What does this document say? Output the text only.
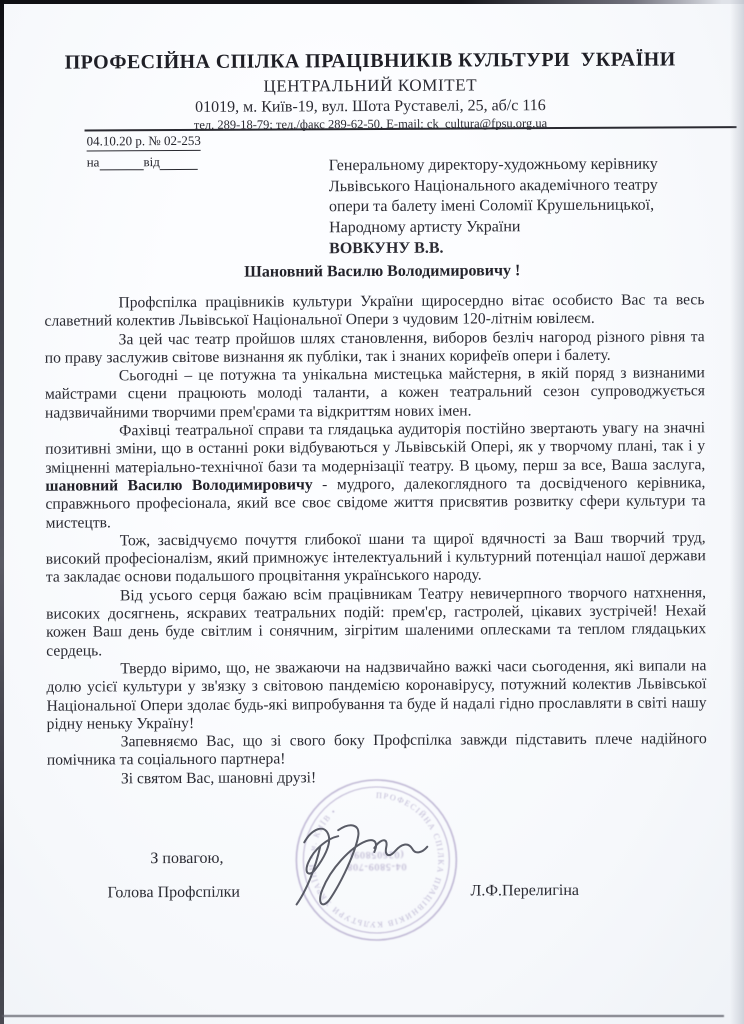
ПРОФЕСІЙНА СПІЛКА ПРАЦІВНИКІВ КУЛЬТУРИ  УКРАЇНИ
ЦЕНТРАЛЬНИЙ КОМІТЕТ
01019, м. Київ-19, вул. Шота Руставелі, 25, аб/с 116
тел. 289-18-79; тел./факс 289-62-50, E-mail: ck_cultura@fpsu.org.ua
04.10.20 р. № 02-253
на	від	Генеральному директору-художньому керівнику
Львівського Національного академічного театру
опери та балету імені Соломії Крушельницької,
Народному артисту України
ВОВКУНУ В.В.
Шановний Василю Володимировичу !

Профспілка працівників культури України щиросердно вітає особисто Вас та весь славетний колектив Львівської Національної Опери з чудовим 120-літнім ювілеєм.

За цей час театр пройшов шлях становлення, виборов безліч нагород різного рівня та по праву заслужив світове визнання як публіки, так і знаних корифеїв опери і балету.

Сьогодні – це потужна та унікальна мистецька майстерня, в якій поряд з визнаними майстрами сцени працюють молоді таланти, а кожен театральний сезон супроводжується надзвичайними творчими прем'єрами та відкриттям нових імен.

Фахівці театральної справи та глядацька аудиторія постійно звертають увагу на значні позитивні зміни, що в останні роки відбуваються у Львівській Опері, як у творчому плані, так і у зміцненні матеріально-технічної бази та модернізації театру. В цьому, перш за все, Ваша заслуга, шановний Василю Володимировичу - мудрого, далекоглядного та досвідченого керівника, справжнього професіонала, який все своє свідоме життя присвятив розвитку сфери культури та мистецтв.

Тож, засвідчуємо почуття глибокої шани та щирої вдячності за Ваш творчий труд, високий професіоналізм, який примножує інтелектуальний і культурний потенціал нашої держави та закладає основи подальшого процвітання українського народу.

Від усього серця бажаю всім працівникам Театру невичерпного творчого натхнення, високих досягнень, яскравих театральних подій: прем'єр, гастролей, цікавих зустрічей! Нехай кожен Ваш день буде світлим і сонячним, зігрітим шаленими оплесками та теплом глядацьких сердець.

Твердо віримо, що, не зважаючи на надзвичайно важкі часи сьогодення, які випали на долю усієї культури у зв'язку з світовою пандемією коронавірусу, потужний колектив Львівської Національної Опери здолає будь-які випробування та буде й надалі гідно прославляти в світі нашу рідну неньку Україну!

Запевняємо Вас, що зі свого боку Профспілка завжди підставить плече надійного помічника та соціального партнера!

Зі святом Вас, шановні друзі!

З повагою,
Голова Профспілки	Л.Ф.Перелигіна
ПРОФЕСІЙНА СПІЛКА ПРАЦІВНИКІВ КУЛЬТУРИ УКРАЇНИ • м. КИЇВ •
04-5809-708
(02605809)
